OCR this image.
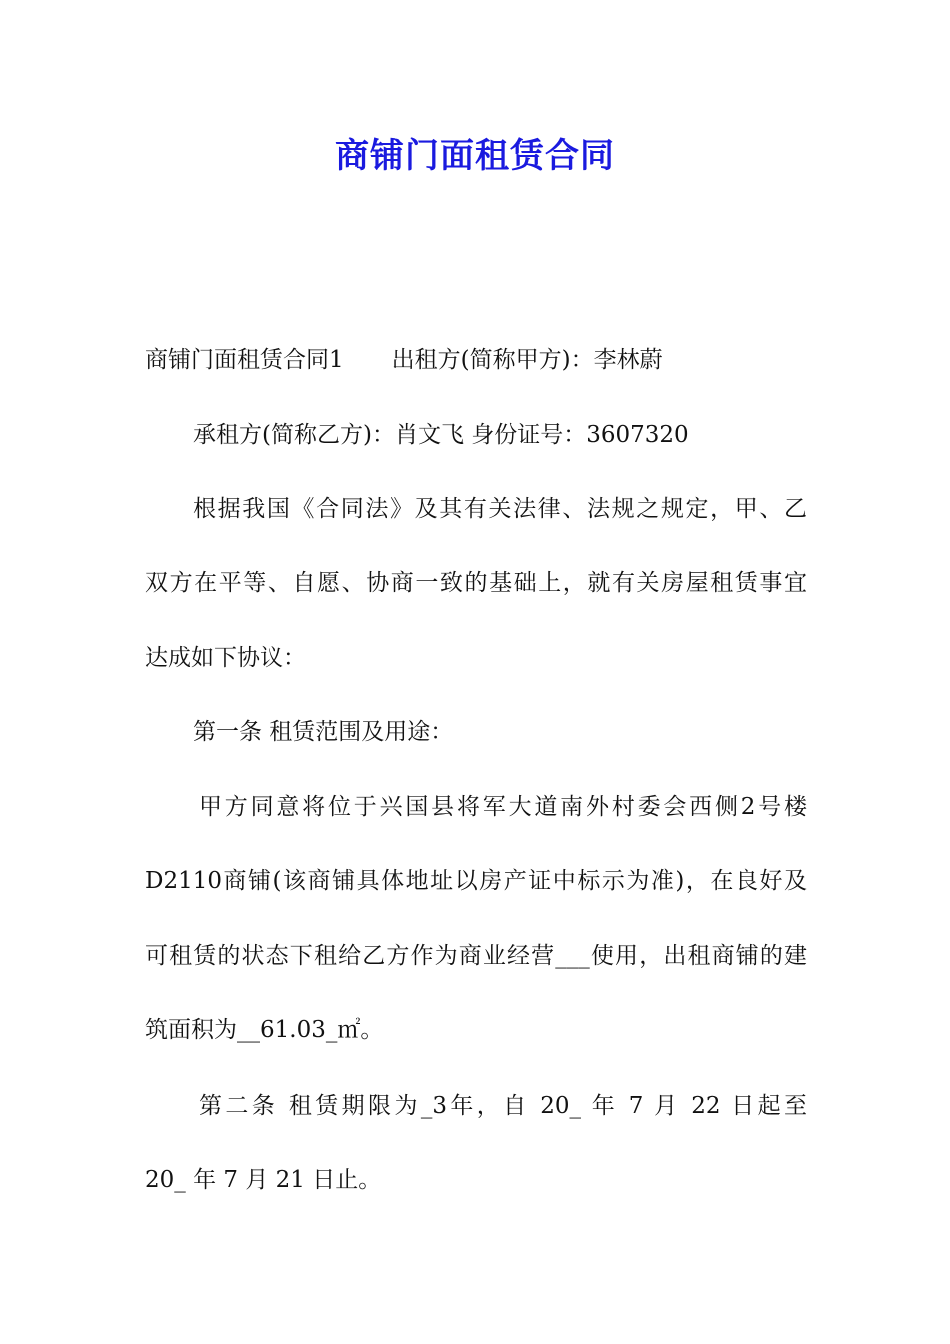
商铺门面租赁合同

商铺门面租赁合同1 出租方(简称甲方)：李林蔚

承租方(简称乙方)：肖文飞 身份证号：3607320

根据我国《合同法》及其有关法律、法规之规定，甲、乙

双方在平等、自愿、协商一致的基础上，就有关房屋租赁事宜

达成如下协议：

第一条 租赁范围及用途：

甲方同意将位于兴国县将军大道南外村委会西侧2号楼

D2110商铺(该商铺具体地址以房产证中标示为准)，在良好及

可租赁的状态下租给乙方作为商业经营___使用，出租商铺的建

筑面积为__61.03_㎡。

第二条 租赁期限为_3年，自 20_ 年 7 月 22 日起至

20_ 年 7 月 21 日止。
